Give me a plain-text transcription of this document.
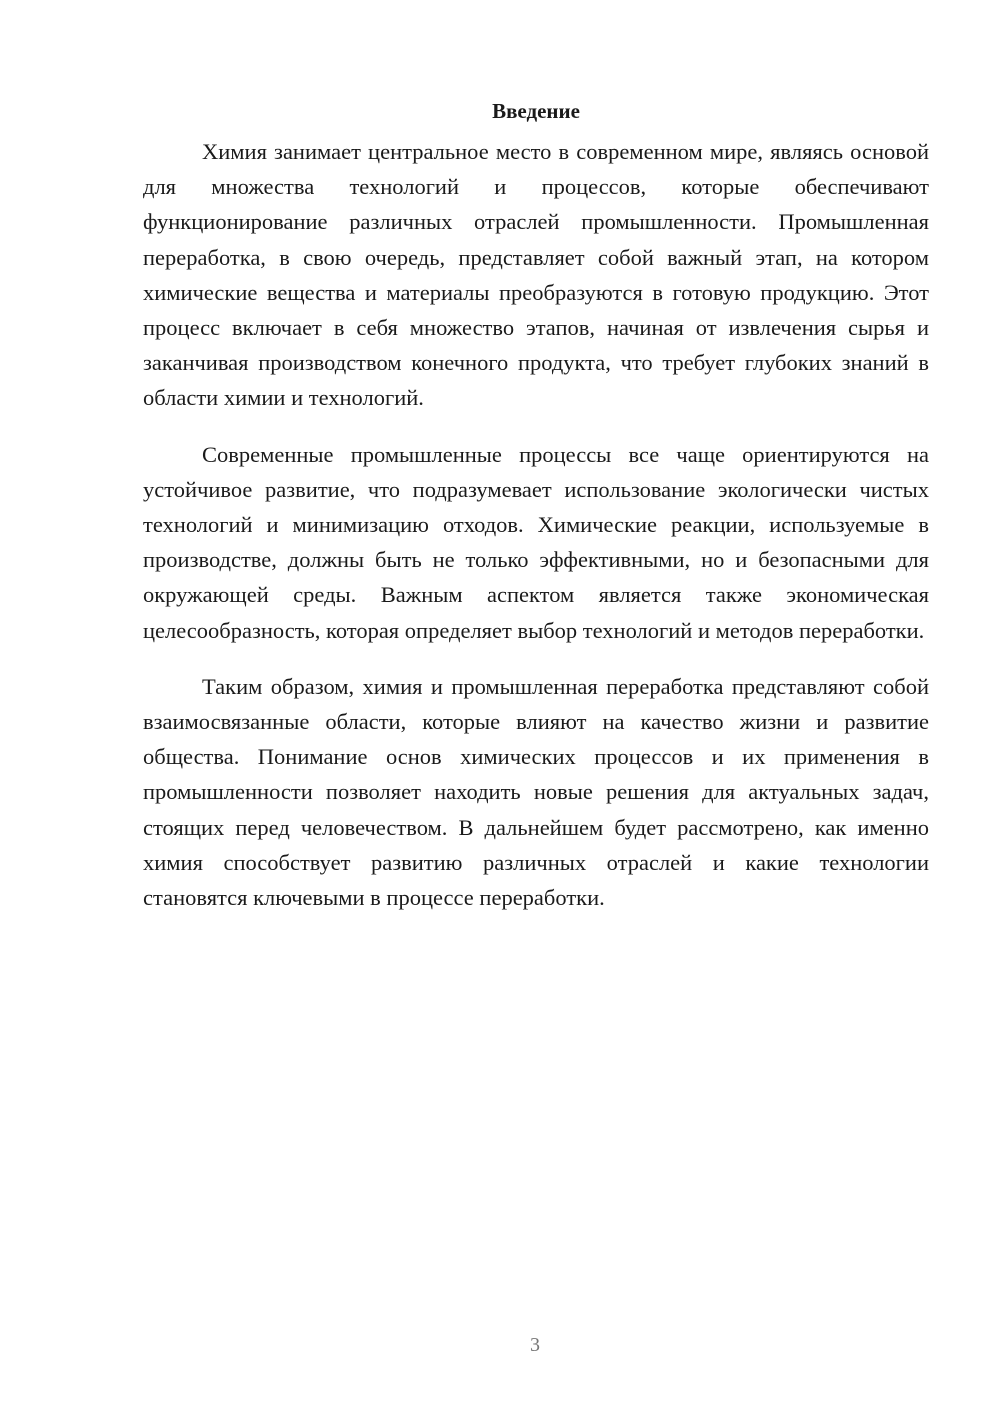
Введение

Химия занимает центральное место в современном мире, являясь основой для множества технологий и процессов, которые обеспечивают функционирование различных отраслей промышленности. Промышленная переработка, в свою очередь, представляет собой важный этап, на котором химические вещества и материалы преобразуются в готовую продукцию. Этот процесс включает в себя множество этапов, начиная от извлечения сырья и заканчивая производством конечного продукта, что требует глубоких знаний в области химии и технологий.

Современные промышленные процессы все чаще ориентируются на устойчивое развитие, что подразумевает использование экологически чистых технологий и минимизацию отходов. Химические реакции, используемые в производстве, должны быть не только эффективными, но и безопасными для окружающей среды. Важным аспектом является также экономическая целесообразность, которая определяет выбор технологий и методов переработки.

Таким образом, химия и промышленная переработка представляют собой взаимосвязанные области, которые влияют на качество жизни и развитие общества. Понимание основ химических процессов и их применения в промышленности позволяет находить новые решения для актуальных задач, стоящих перед человечеством. В дальнейшем будет рассмотрено, как именно химия способствует развитию различных отраслей и какие технологии становятся ключевыми в процессе переработки.

3
